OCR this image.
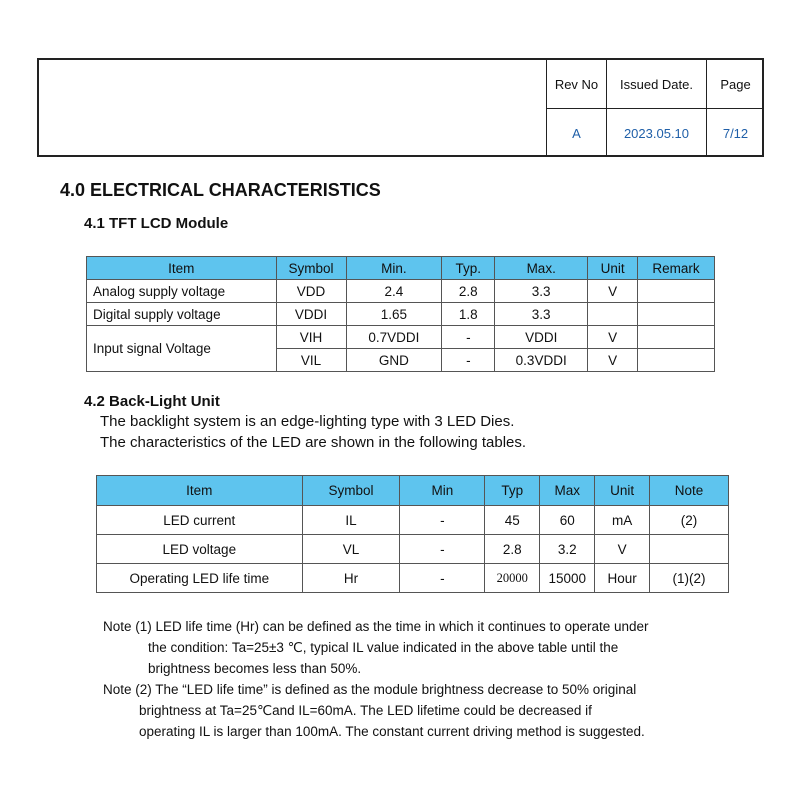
Rev No	Issued Date.	Page
A	2023.05.10	7/12
4.0 ELECTRICAL CHARACTERISTICS
4.1 TFT LCD Module
Item	Symbol	Min.	Typ.	Max.	Unit	Remark
Analog supply voltage	VDD	2.4	2.8	3.3	V	
Digital supply voltage	VDDI	1.65	1.8	3.3		
Input signal Voltage	VIH	0.7VDDI	-	VDDI	V	
	VIL	GND	-	0.3VDDI	V	
4.2 Back-Light Unit
The backlight system is an edge-lighting type with 3 LED Dies.
The characteristics of the LED are shown in the following tables.
Item	Symbol	Min	Typ	Max	Unit	Note
LED current	IL	-	45	60	mA	(2)
LED voltage	VL	-	2.8	3.2	V	
Operating LED life time	Hr	-	20000	15000	Hour	(1)(2)
Note (1) LED life time (Hr) can be defined as the time in which it continues to operate under
the condition: Ta=25±3 ℃, typical IL value indicated in the above table until the
brightness becomes less than 50%.
Note (2) The “LED life time” is defined as the module brightness decrease to 50% original
brightness at Ta=25℃and IL=60mA. The LED lifetime could be decreased if
operating IL is larger than 100mA. The constant current driving method is suggested.
